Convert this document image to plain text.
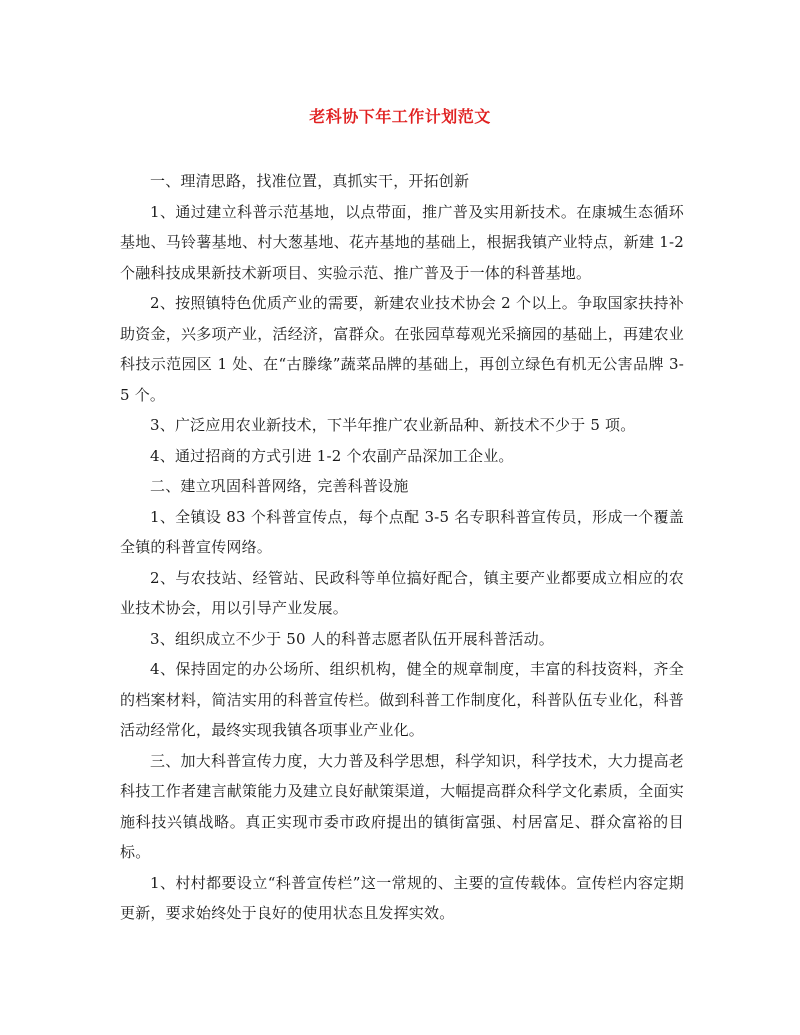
老科协下年工作计划范文

一、理清思路，找准位置，真抓实干，开拓创新

1、通过建立科普示范基地，以点带面，推广普及实用新技术。在康城生态循环基地、马铃薯基地、村大葱基地、花卉基地的基础上，根据我镇产业特点，新建 1-2 个融科技成果新技术新项目、实验示范、推广普及于一体的科普基地。

2、按照镇特色优质产业的需要，新建农业技术协会 2 个以上。争取国家扶持补助资金，兴多项产业，活经济，富群众。在张园草莓观光采摘园的基础上，再建农业科技示范园区 1 处、在“古滕缘”蔬菜品牌的基础上，再创立绿色有机无公害品牌 3-5 个。

3、广泛应用农业新技术，下半年推广农业新品种、新技术不少于 5 项。

4、通过招商的方式引进 1-2 个农副产品深加工企业。

二、建立巩固科普网络，完善科普设施

1、全镇设 83 个科普宣传点，每个点配 3-5 名专职科普宣传员，形成一个覆盖全镇的科普宣传网络。

2、与农技站、经管站、民政科等单位搞好配合，镇主要产业都要成立相应的农业技术协会，用以引导产业发展。

3、组织成立不少于 50 人的科普志愿者队伍开展科普活动。

4、保持固定的办公场所、组织机构，健全的规章制度，丰富的科技资料，齐全的档案材料，简洁实用的科普宣传栏。做到科普工作制度化，科普队伍专业化，科普活动经常化，最终实现我镇各项事业产业化。

三、加大科普宣传力度，大力普及科学思想，科学知识，科学技术，大力提高老科技工作者建言献策能力及建立良好献策渠道，大幅提高群众科学文化素质，全面实施科技兴镇战略。真正实现市委市政府提出的镇街富强、村居富足、群众富裕的目标。

1、村村都要设立“科普宣传栏”这一常规的、主要的宣传载体。宣传栏内容定期更新，要求始终处于良好的使用状态且发挥实效。
